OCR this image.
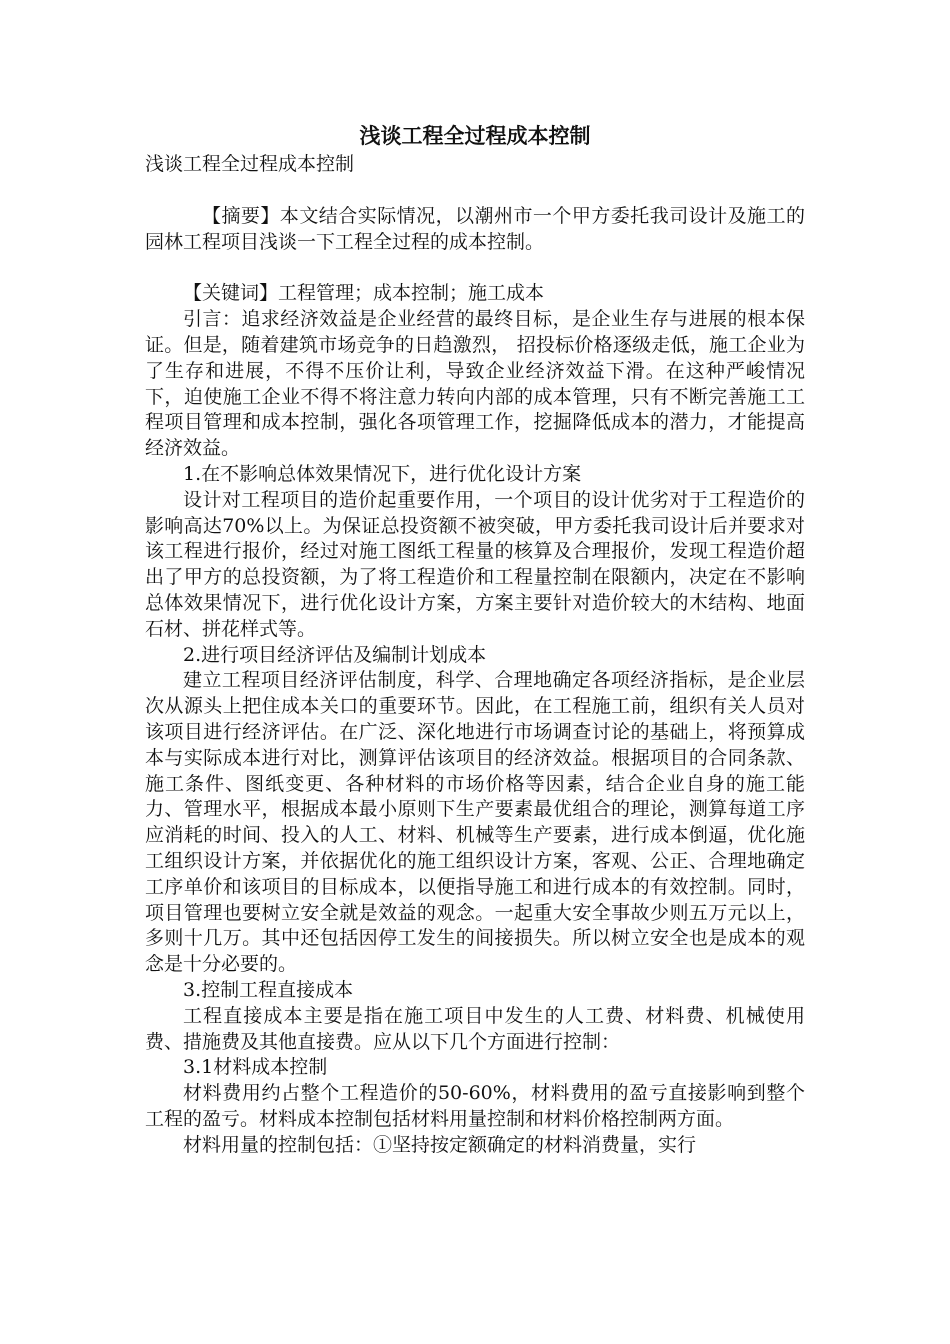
浅谈工程全过程成本控制

浅谈工程全过程成本控制

【摘要】本文结合实际情况，以潮州市一个甲方委托我司设计及施工的园林工程项目浅谈一下工程全过程的成本控制。

【关键词】工程管理；成本控制；施工成本

引言：追求经济效益是企业经营的最终目标，是企业生存与进展的根本保证。但是，随着建筑市场竞争的日趋激烈， 招投标价格逐级走低，施工企业为了生存和进展，不得不压价让利，导致企业经济效益下滑。在这种严峻情况下，迫使施工企业不得不将注意力转向内部的成本管理，只有不断完善施工工程项目管理和成本控制，强化各项管理工作，挖掘降低成本的潜力，才能提高经济效益。

1.在不影响总体效果情况下，进行优化设计方案

设计对工程项目的造价起重要作用，一个项目的设计优劣对于工程造价的影响高达70%以上。为保证总投资额不被突破，甲方委托我司设计后并要求对该工程进行报价，经过对施工图纸工程量的核算及合理报价，发现工程造价超出了甲方的总投资额，为了将工程造价和工程量控制在限额内，决定在不影响总体效果情况下，进行优化设计方案，方案主要针对造价较大的木结构、地面石材、拼花样式等。

2.进行项目经济评估及编制计划成本

建立工程项目经济评估制度，科学、合理地确定各项经济指标，是企业层次从源头上把住成本关口的重要环节。因此，在工程施工前，组织有关人员对该项目进行经济评估。在广泛、深化地进行市场调查讨论的基础上，将预算成本与实际成本进行对比，测算评估该项目的经济效益。根据项目的合同条款、施工条件、图纸变更、各种材料的市场价格等因素，结合企业自身的施工能力、管理水平，根据成本最小原则下生产要素最优组合的理论，测算每道工序应消耗的时间、投入的人工、材料、机械等生产要素，进行成本倒逼，优化施工组织设计方案，并依据优化的施工组织设计方案，客观、公正、合理地确定工序单价和该项目的目标成本，以便指导施工和进行成本的有效控制。同时，项目管理也要树立安全就是效益的观念。一起重大安全事故少则五万元以上，多则十几万。其中还包括因停工发生的间接损失。所以树立安全也是成本的观念是十分必要的。

3.控制工程直接成本

工程直接成本主要是指在施工项目中发生的人工费、材料费、机械使用费、措施费及其他直接费。应从以下几个方面进行控制：

3.1材料成本控制

材料费用约占整个工程造价的50-60%，材料费用的盈亏直接影响到整个工程的盈亏。材料成本控制包括材料用量控制和材料价格控制两方面。

材料用量的控制包括：①坚持按定额确定的材料消费量，实行
